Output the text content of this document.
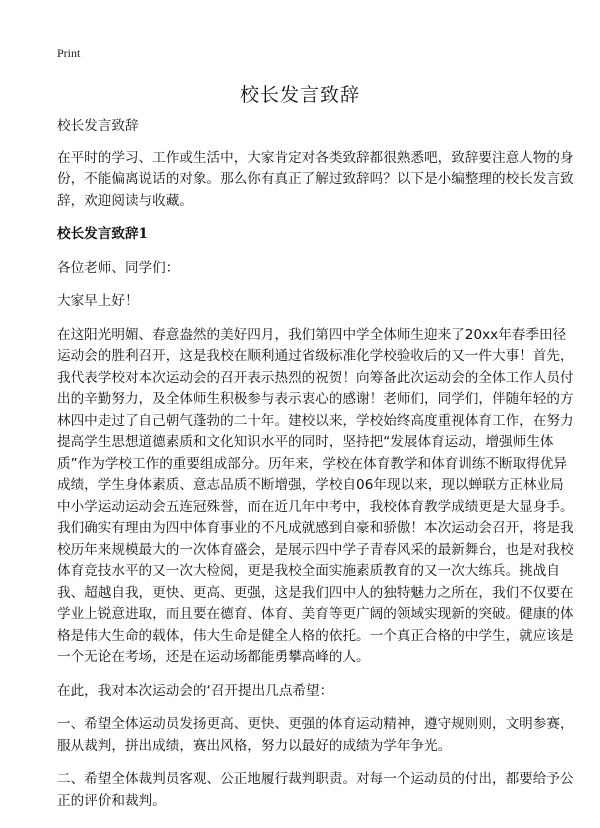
Print
校长发言致辞

校长发言致辞

在平时的学习、工作或生活中，大家肯定对各类致辞都很熟悉吧，致辞要注意人物的身份，不能偏离说话的对象。那么你有真正了解过致辞吗？以下是小编整理的校长发言致辞，欢迎阅读与收藏。

校长发言致辞1

各位老师、同学们：

大家早上好！

在这阳光明媚、春意盎然的美好四月，我们第四中学全体师生迎来了20xx年春季田径运动会的胜利召开，这是我校在顺利通过省级标准化学校验收后的又一件大事！首先，我代表学校对本次运动会的召开表示热烈的祝贺！向筹备此次运动会的全体工作人员付出的辛勤努力，及全体师生积极参与表示衷心的感谢！老师们，同学们，伴随年轻的方林四中走过了自己朝气蓬勃的二十年。建校以来，学校始终高度重视体育工作，在努力提高学生思想道德素质和文化知识水平的同时，坚持把“发展体育运动，增强师生体质”作为学校工作的重要组成部分。历年来，学校在体育教学和体育训练不断取得优异成绩，学生身体素质、意志品质不断增强，学校自06年现以来，现以蝉联方正林业局中小学运动运动会五连冠殊誉，而在近几年中考中，我校体育教学成绩更是大显身手。我们确实有理由为四中体育事业的不凡成就感到自豪和骄傲！本次运动会召开，将是我校历年来规模最大的一次体育盛会，是展示四中学子青春风采的最新舞台，也是对我校体育竞技水平的又一次大检阅，更是我校全面实施素质教育的又一次大练兵。挑战自我、超越自我，更快、更高、更强，这是我们四中人的独特魅力之所在，我们不仅要在学业上锐意进取，而且要在德育、体育、美育等更广阔的领域实现新的突破。健康的体格是伟大生命的载体，伟大生命是健全人格的依托。一个真正合格的中学生，就应该是一个无论在考场，还是在运动场都能勇攀高峰的人。

在此，我对本次运动会的‘召开提出几点希望：

一、希望全体运动员发扬更高、更快、更强的体育运动精神，遵守规则则，文明参赛，服从裁判，拼出成绩，赛出风格，努力以最好的成绩为学年争光。

二、希望全体裁判员客观、公正地履行裁判职责。对每一个运动员的付出，都要给予公正的评价和裁判。
